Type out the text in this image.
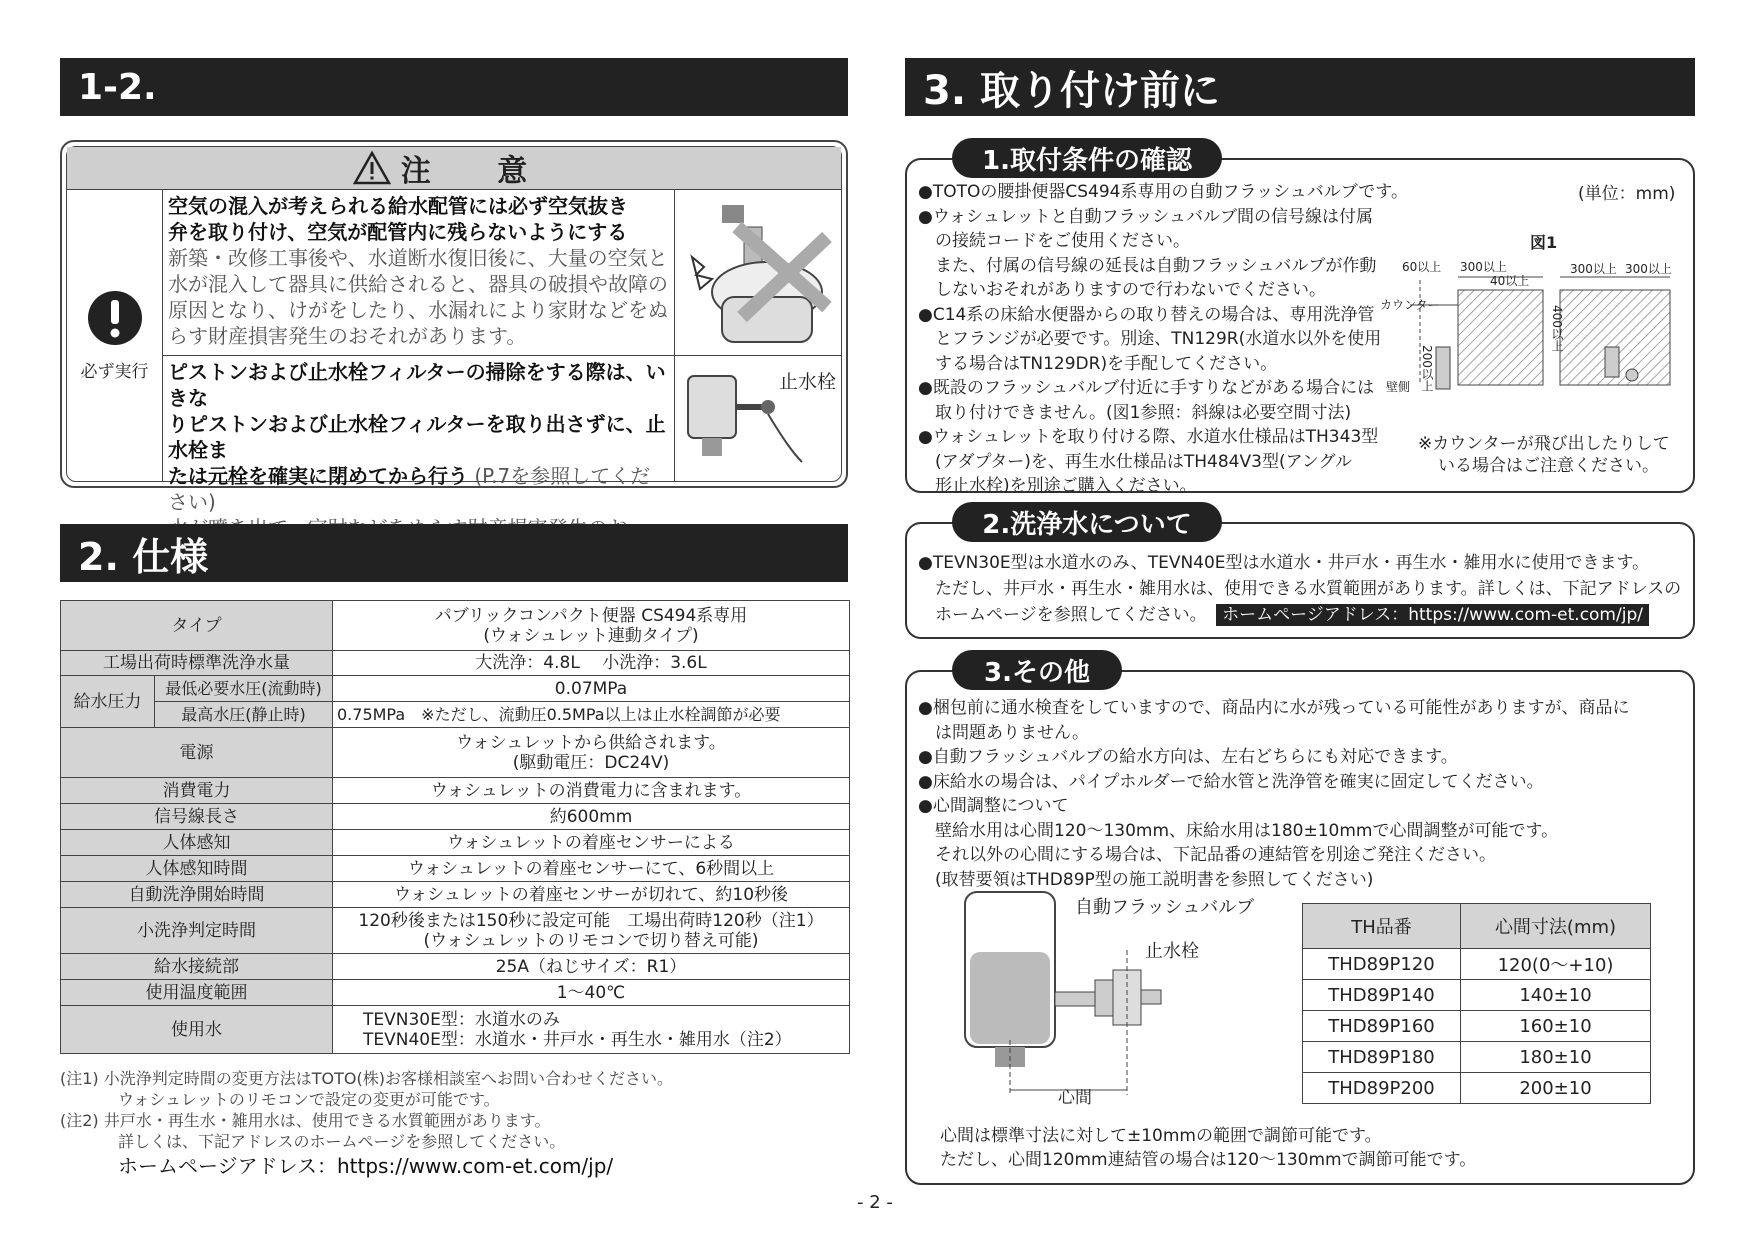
1-2.
注 意
必ず実行
空気の混入が考えられる給水配管には必ず空気抜き
弁を取り付け、空気が配管内に残らないようにする
新築・改修工事後や、水道断水復旧後に、大量の空気と
水が混入して器具に供給されると、器具の破損や故障の
原因となり、けがをしたり、水漏れにより家財などをぬ
らす財産損害発生のおそれがあります。
ピストンおよび止水栓フィルターの掃除をする際は、いきな
りピストンおよび止水栓フィルターを取り出さずに、止水栓ま
たは元栓を確実に閉めてから行う (P.7を参照してください)
止水栓
2. 仕様
タイプ		パブリックコンパクト便器 CS494系専用
(ウォシュレット連動タイプ)

工場出荷時標準洗浄水量		大洗浄：4.8L　 小洗浄：3.6L
給水圧力	最低必要水圧(流動時)	0.07MPa
	最高水圧(静止時)	0.75MPa　※ただし、流動圧0.5MPa以上は止水栓調節が必要
電源		ウォシュレットから供給されます。
(駆動電圧：DC24V)

消費電力		ウォシュレットの消費電力に含まれます。
信号線長さ		約600mm
人体感知		ウォシュレットの着座センサーによる
人体感知時間		ウォシュレットの着座センサーにて、6秒間以上
自動洗浄開始時間		ウォシュレットの着座センサーが切れて、約10秒後
小洗浄判定時間		120秒後または150秒に設定可能　工場出荷時120秒（注1）
(ウォシュレットのリモコンで切り替え可能)

給水接続部		25A（ねじサイズ：R1）
使用温度範囲		1〜40℃
使用水		TEVN30E型：水道水のみ
TEVN40E型：水道水・井戸水・再生水・雑用水（注2）
(注1) 小洗浄判定時間の変更方法はTOTO(株)お客様相談室へお問い合わせください。
ウォシュレットのリモコンで設定の変更が可能です。
(注2) 井戸水・再生水・雑用水は、使用できる水質範囲があります。
詳しくは、下記アドレスのホームページを参照してください。
ホームページアドレス：https://www.com-et.com/jp/
3. 取り付け前に
1.取付条件の確認
●TOTOの腰掛便器CS494系専用の自動フラッシュバルブです。
●ウォシュレットと自動フラッシュバルブ間の信号線は付属
　の接続コードをご使用ください。
　また、付属の信号線の延長は自動フラッシュバルブが作動
　しないおそれがありますので行わないでください。
●C14系の床給水便器からの取り替えの場合は、専用洗浄管
　とフランジが必要です。別途、TN129R(水道水以外を使用
　する場合はTN129DR)を手配してください。
●既設のフラッシュバルブ付近に手すりなどがある場合には
　取り付けできません。(図1参照：斜線は必要空間寸法)
●ウォシュレットを取り付ける際、水道水仕様品はTH343型
　(アダプター)を、再生水仕様品はTH484V3型(アングル
　形止水栓)を別途ご購入ください。
(単位：mm)
図1
60以上 300以上
40以上
300以上 300以上
カウンター
200以上
400以上
壁側
※カウンターが飛び出したりして
いる場合はご注意ください。
2.洗浄水について
●TEVN30E型は水道水のみ、TEVN40E型は水道水・井戸水・再生水・雑用水に使用できます。
　ただし、井戸水・再生水・雑用水は、使用できる水質範囲があります。詳しくは、下記アドレスの
　ホームページを参照してください。 ホームページアドレス：https://www.com-et.com/jp/
3.その他
●梱包前に通水検査をしていますので、商品内に水が残っている可能性がありますが、商品に
　は問題ありません。
●自動フラッシュバルブの給水方向は、左右どちらにも対応できます。
●床給水の場合は、パイプホルダーで給水管と洗浄管を確実に固定してください。
●心間調整について
　壁給水用は心間120〜130mm、床給水用は180±10mmで心間調整が可能です。
　それ以外の心間にする場合は、下記品番の連結管を別途ご発注ください。
　(取替要領はTHD89P型の施工説明書を参照してください)
自動フラッシュバルブ
止水栓
心間
TH品番	心間寸法(mm)
THD89P120	120(0〜+10)
THD89P140	140±10
THD89P160	160±10
THD89P180	180±10
THD89P200	200±10
心間は標準寸法に対して±10mmの範囲で調節可能です。
ただし、心間120mm連結管の場合は120〜130mmで調節可能です。
- 2 -
